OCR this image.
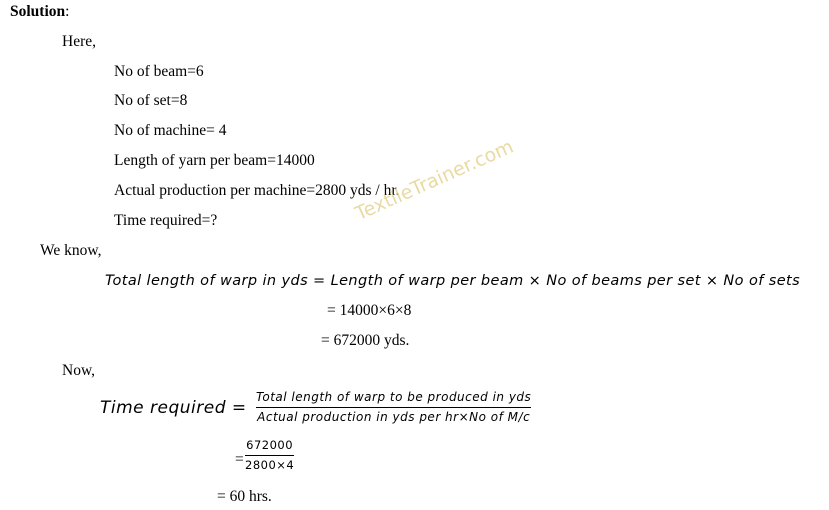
Solution:
Here,
No of beam=6
No of set=8
No of machine= 4
Length of yarn per beam=14000
Actual production per machine=2800 yds / hr.
Time required=?
We know,
Total length of warp in yds = Length of warp per beam × No of beams per set × No of sets
= 14000×6×8
= 672000 yds.
Now,
Time required =
Total length of warp to be produced in yds
Actual production in yds per hr×No of M/c
=
672000
2800×4
= 60 hrs.
TextileTrainer.com
